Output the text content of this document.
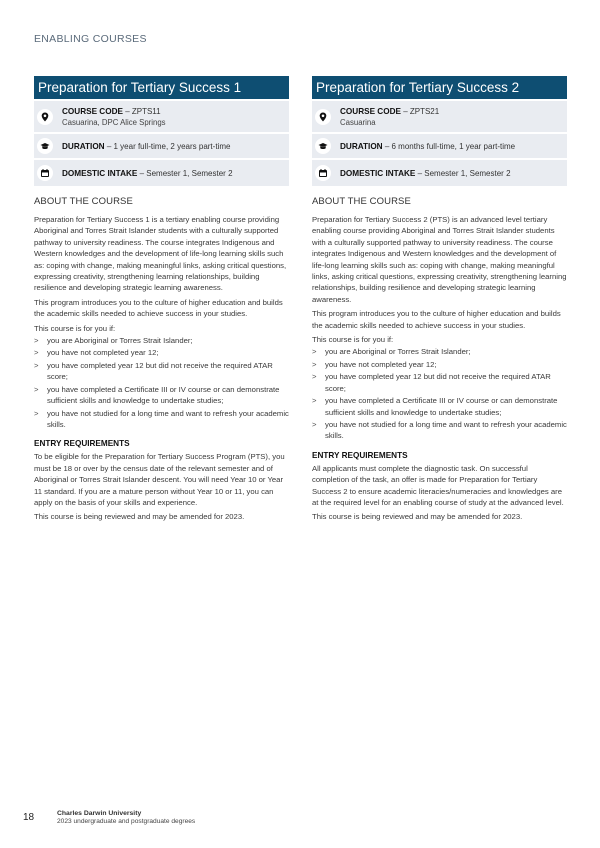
ENABLING COURSES
Preparation for Tertiary Success 1
COURSE CODE – ZPTS11
Casuarina, DPC Alice Springs
DURATION – 1 year full-time, 2 years part-time
DOMESTIC INTAKE – Semester 1, Semester 2
ABOUT THE COURSE

Preparation for Tertiary Success 1 is a tertiary enabling course providing Aboriginal and Torres Strait Islander students with a culturally supported pathway to university readiness. The course integrates Indigenous and Western knowledges and the development of life-long learning skills such as: coping with change, making meaningful links, asking critical questions, expressing creativity, strengthening learning relationships, building resilience and developing strategic learning awareness.

This program introduces you to the culture of higher education and builds the academic skills needed to achieve success in your studies.

This course is for you if:

> you are Aboriginal or Torres Strait Islander;
> you have not completed year 12;
> you have completed year 12 but did not receive the required ATAR score;
> you have completed a Certificate III or IV course or can demonstrate sufficient skills and knowledge to undertake studies;
> you have not studied for a long time and want to refresh your academic skills.
ENTRY REQUIREMENTS

To be eligible for the Preparation for Tertiary Success Program (PTS), you must be 18 or over by the census date of the relevant semester and of Aboriginal or Torres Strait Islander descent. You will need Year 10 or Year 11 standard. If you are a mature person without Year 10 or 11, you can apply on the basis of your skills and experience.

This course is being reviewed and may be amended for 2023.

Preparation for Tertiary Success 2
COURSE CODE – ZPTS21
Casuarina
DURATION – 6 months full-time, 1 year part-time
DOMESTIC INTAKE – Semester 1, Semester 2
ABOUT THE COURSE

Preparation for Tertiary Success 2 (PTS) is an advanced level tertiary enabling course providing Aboriginal and Torres Strait Islander students with a culturally supported pathway to university readiness. The course integrates Indigenous and Western knowledges and the development of life-long learning skills such as: coping with change, making meaningful links, asking critical questions, expressing creativity, strengthening learning relationships, building resilience and developing strategic learning awareness.

This program introduces you to the culture of higher education and builds the academic skills needed to achieve success in your studies.

This course is for you if:

> you are Aboriginal or Torres Strait Islander;
> you have not completed year 12;
> you have completed year 12 but did not receive the required ATAR score;
> you have completed a Certificate III or IV course or can demonstrate sufficient skills and knowledge to undertake studies;
> you have not studied for a long time and want to refresh your academic skills.
ENTRY REQUIREMENTS

All applicants must complete the diagnostic task. On successful completion of the task, an offer is made for Preparation for Tertiary Success 2 to ensure academic literacies/numeracies and knowledges are at the required level for an enabling course of study at the advanced level.

This course is being reviewed and may be amended for 2023.

18	Charles Darwin University
2023 undergraduate and postgraduate degrees
